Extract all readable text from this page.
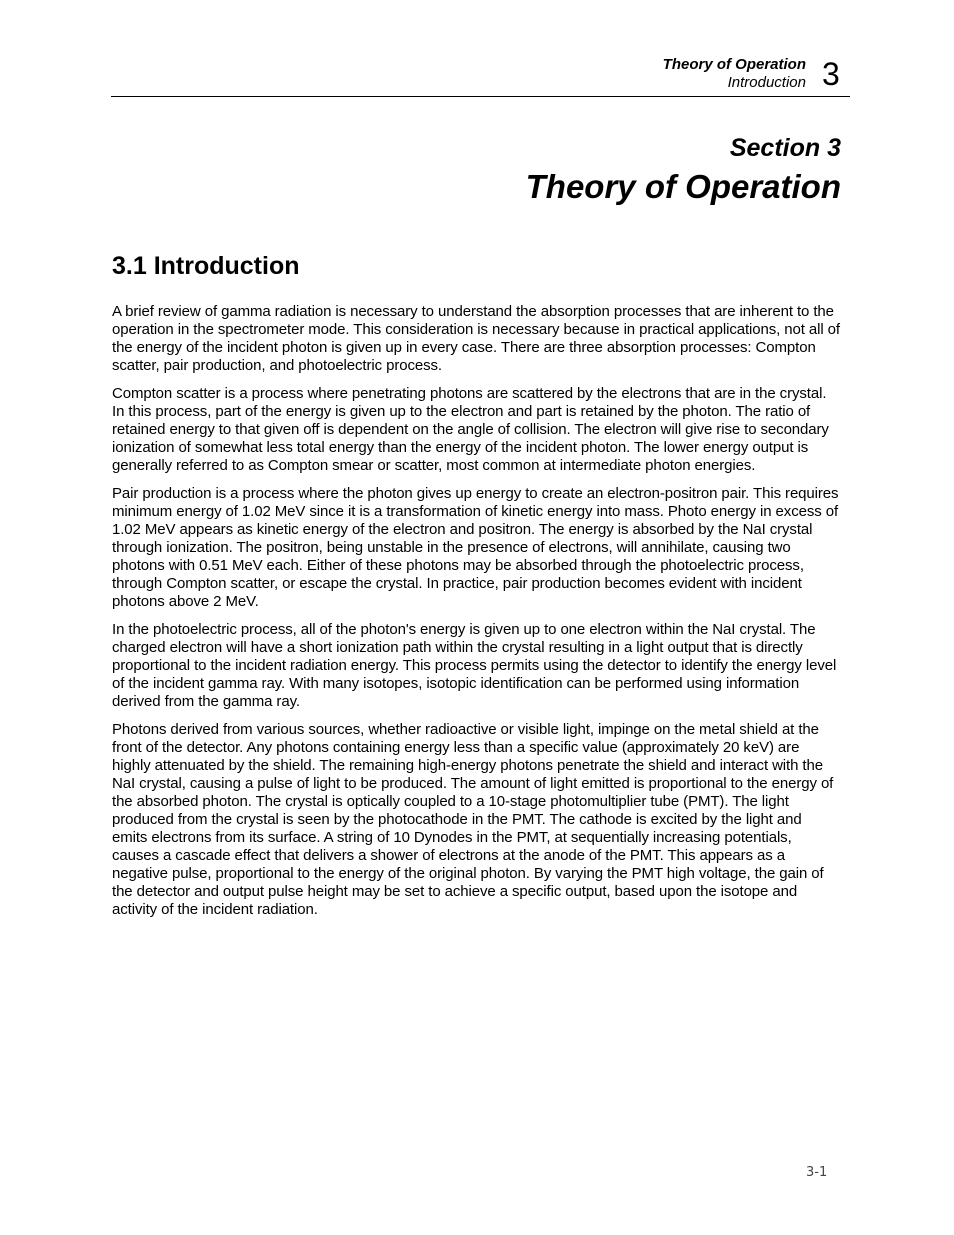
Theory of Operation
Introduction 3
Section 3
Theory of Operation
3.1 Introduction

A brief review of gamma radiation is necessary to understand the absorption processes that are inherent to the operation in the spectrometer mode. This consideration is necessary because in practical applications, not all of the energy of the incident photon is given up in every case. There are three absorption processes: Compton scatter, pair production, and photoelectric process.

Compton scatter is a process where penetrating photons are scattered by the electrons that are in the crystal. In this process, part of the energy is given up to the electron and part is retained by the photon. The ratio of retained energy to that given off is dependent on the angle of collision. The electron will give rise to secondary ionization of somewhat less total energy than the energy of the incident photon. The lower energy output is generally referred to as Compton smear or scatter, most common at intermediate photon energies.

Pair production is a process where the photon gives up energy to create an electron-positron pair. This requires minimum energy of 1.02 MeV since it is a transformation of kinetic energy into mass. Photo energy in excess of 1.02 MeV appears as kinetic energy of the electron and positron. The energy is absorbed by the NaI crystal through ionization. The positron, being unstable in the presence of electrons, will annihilate, causing two photons with 0.51 MeV each. Either of these photons may be absorbed through the photoelectric process, through Compton scatter, or escape the crystal. In practice, pair production becomes evident with incident photons above 2 MeV.

In the photoelectric process, all of the photon's energy is given up to one electron within the NaI crystal. The charged electron will have a short ionization path within the crystal resulting in a light output that is directly proportional to the incident radiation energy. This process permits using the detector to identify the energy level of the incident gamma ray. With many isotopes, isotopic identification can be performed using information derived from the gamma ray.

Photons derived from various sources, whether radioactive or visible light, impinge on the metal shield at the front of the detector. Any photons containing energy less than a specific value (approximately 20 keV) are highly attenuated by the shield. The remaining high-energy photons penetrate the shield and interact with the NaI crystal, causing a pulse of light to be produced. The amount of light emitted is proportional to the energy of the absorbed photon. The crystal is optically coupled to a 10-stage photomultiplier tube (PMT). The light produced from the crystal is seen by the photocathode in the PMT. The cathode is excited by the light and emits electrons from its surface. A string of 10 Dynodes in the PMT, at sequentially increasing potentials, causes a cascade effect that delivers a shower of electrons at the anode of the PMT. This appears as a negative pulse, proportional to the energy of the original photon. By varying the PMT high voltage, the gain of the detector and output pulse height may be set to achieve a specific output, based upon the isotope and activity of the incident radiation.

3-1
